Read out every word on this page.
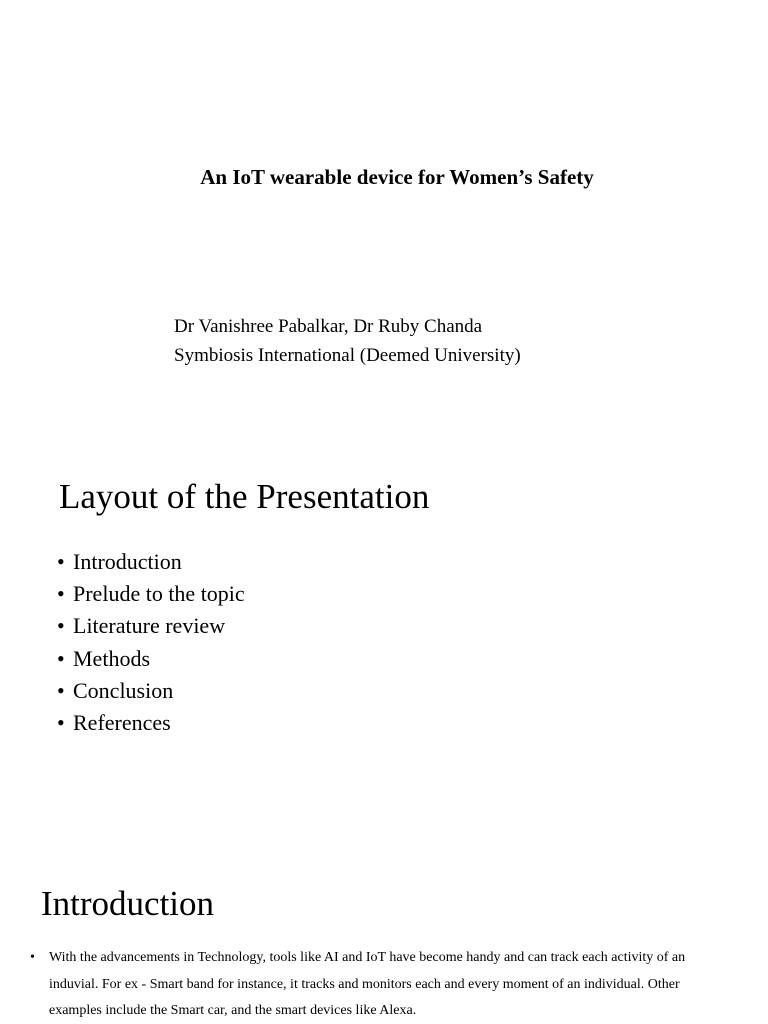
An IoT wearable device for Women’s Safety
Dr Vanishree Pabalkar, Dr Ruby Chanda
Symbiosis International (Deemed University)
Layout of the Presentation
• Introduction
• Prelude to the topic
• Literature review
• Methods
• Conclusion
• References
Introduction
• With the advancements in Technology, tools like AI and IoT have become handy and can track each activity of an induvial. For ex - Smart band for instance, it tracks and monitors each and every moment of an individual. Other examples include the Smart car, and the smart devices like Alexa.
